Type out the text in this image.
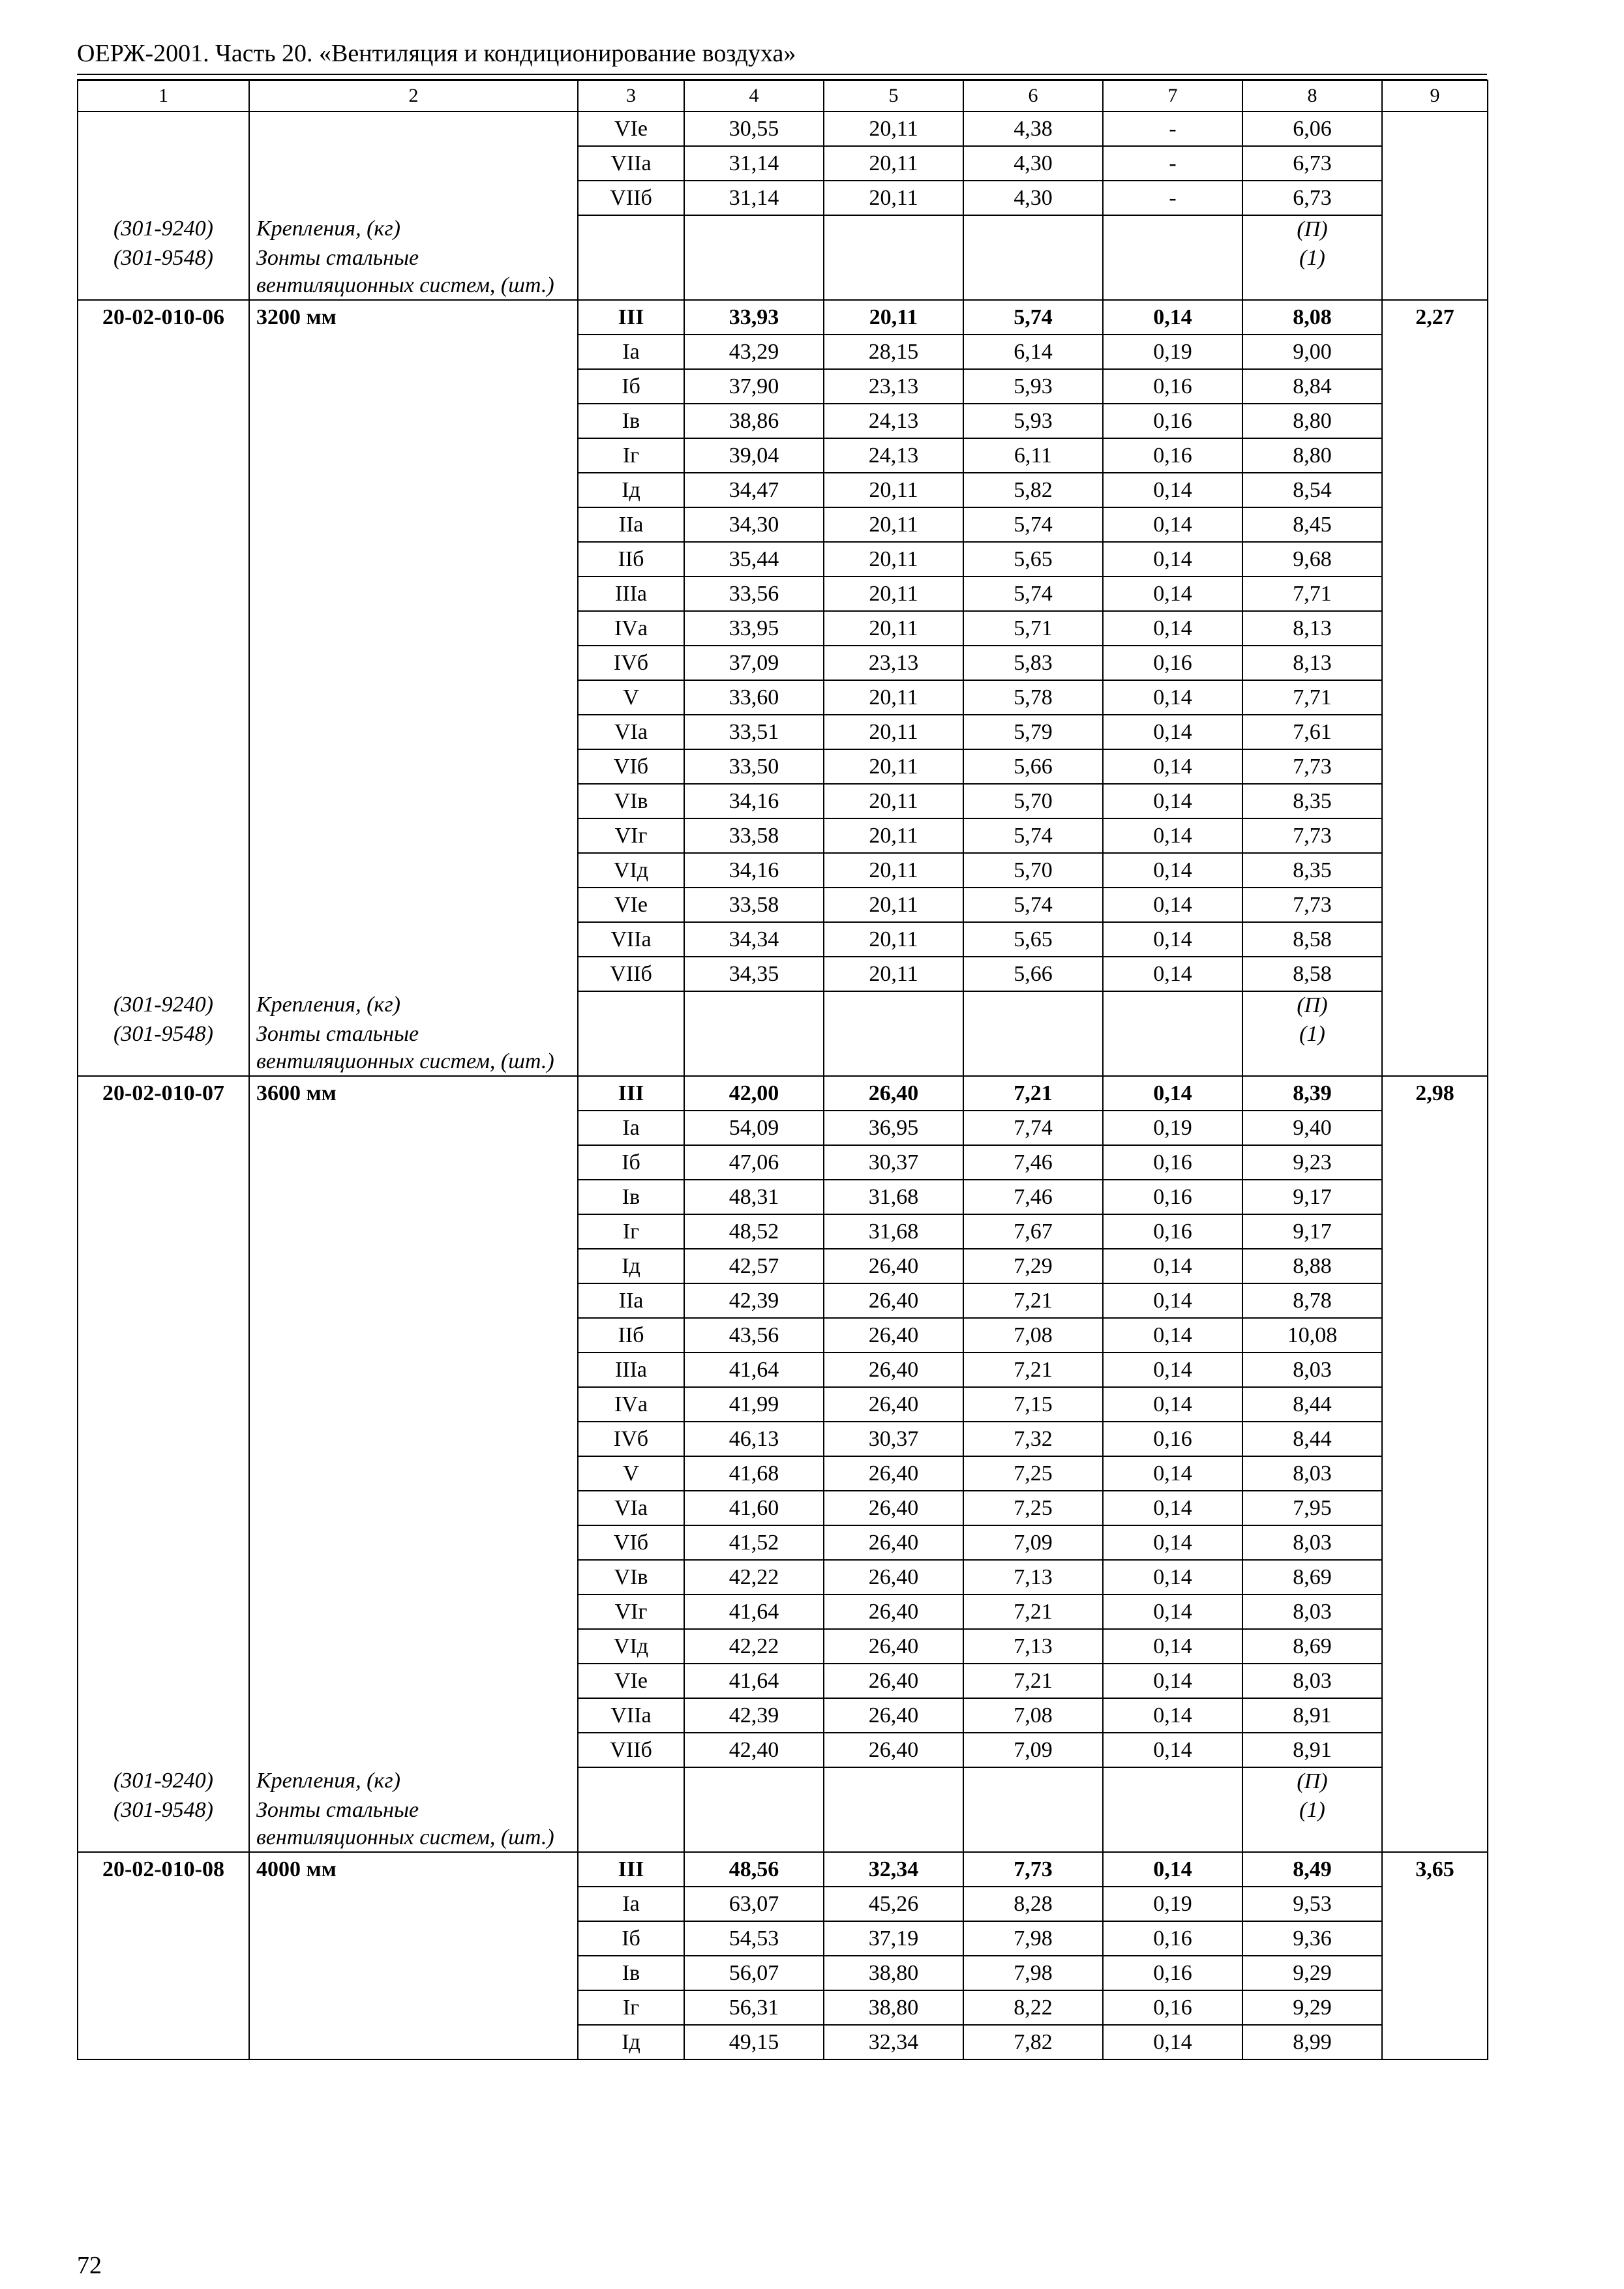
ОЕРЖ-2001. Часть 20. «Вентиляция и кондиционирование воздуха»
1	2	3	4	5	6	7	8	9
		VIе	30,55	20,11	4,38	-	6,06	
		VIIа	31,14	20,11	4,30	-	6,73	
		VIIб	31,14	20,11	4,30	-	6,73	
(301-9240)	Крепления, (кг)						(П)	
(301-9548)	Зонты стальные вентиляционных систем, (шт.)						(1)	
20-02-010-06	3200 мм	III	33,93	20,11	5,74	0,14	8,08	2,27
		Iа	43,29	28,15	6,14	0,19	9,00	
		Iб	37,90	23,13	5,93	0,16	8,84	
		Iв	38,86	24,13	5,93	0,16	8,80	
		Iг	39,04	24,13	6,11	0,16	8,80	
		Iд	34,47	20,11	5,82	0,14	8,54	
		IIа	34,30	20,11	5,74	0,14	8,45	
		IIб	35,44	20,11	5,65	0,14	9,68	
		IIIа	33,56	20,11	5,74	0,14	7,71	
		IVа	33,95	20,11	5,71	0,14	8,13	
		IVб	37,09	23,13	5,83	0,16	8,13	
		V	33,60	20,11	5,78	0,14	7,71	
		VIа	33,51	20,11	5,79	0,14	7,61	
		VIб	33,50	20,11	5,66	0,14	7,73	
		VIв	34,16	20,11	5,70	0,14	8,35	
		VIг	33,58	20,11	5,74	0,14	7,73	
		VIд	34,16	20,11	5,70	0,14	8,35	
		VIе	33,58	20,11	5,74	0,14	7,73	
		VIIа	34,34	20,11	5,65	0,14	8,58	
		VIIб	34,35	20,11	5,66	0,14	8,58	
(301-9240)	Крепления, (кг)						(П)	
(301-9548)	Зонты стальные вентиляционных систем, (шт.)						(1)	
20-02-010-07	3600 мм	III	42,00	26,40	7,21	0,14	8,39	2,98
		Iа	54,09	36,95	7,74	0,19	9,40	
		Iб	47,06	30,37	7,46	0,16	9,23	
		Iв	48,31	31,68	7,46	0,16	9,17	
		Iг	48,52	31,68	7,67	0,16	9,17	
		Iд	42,57	26,40	7,29	0,14	8,88	
		IIа	42,39	26,40	7,21	0,14	8,78	
		IIб	43,56	26,40	7,08	0,14	10,08	
		IIIа	41,64	26,40	7,21	0,14	8,03	
		IVа	41,99	26,40	7,15	0,14	8,44	
		IVб	46,13	30,37	7,32	0,16	8,44	
		V	41,68	26,40	7,25	0,14	8,03	
		VIа	41,60	26,40	7,25	0,14	7,95	
		VIб	41,52	26,40	7,09	0,14	8,03	
		VIв	42,22	26,40	7,13	0,14	8,69	
		VIг	41,64	26,40	7,21	0,14	8,03	
		VIд	42,22	26,40	7,13	0,14	8,69	
		VIе	41,64	26,40	7,21	0,14	8,03	
		VIIа	42,39	26,40	7,08	0,14	8,91	
		VIIб	42,40	26,40	7,09	0,14	8,91	
(301-9240)	Крепления, (кг)						(П)	
(301-9548)	Зонты стальные вентиляционных систем, (шт.)						(1)	
20-02-010-08	4000 мм	III	48,56	32,34	7,73	0,14	8,49	3,65
		Iа	63,07	45,26	8,28	0,19	9,53	
		Iб	54,53	37,19	7,98	0,16	9,36	
		Iв	56,07	38,80	7,98	0,16	9,29	
		Iг	56,31	38,80	8,22	0,16	9,29	
		Iд	49,15	32,34	7,82	0,14	8,99	
72
